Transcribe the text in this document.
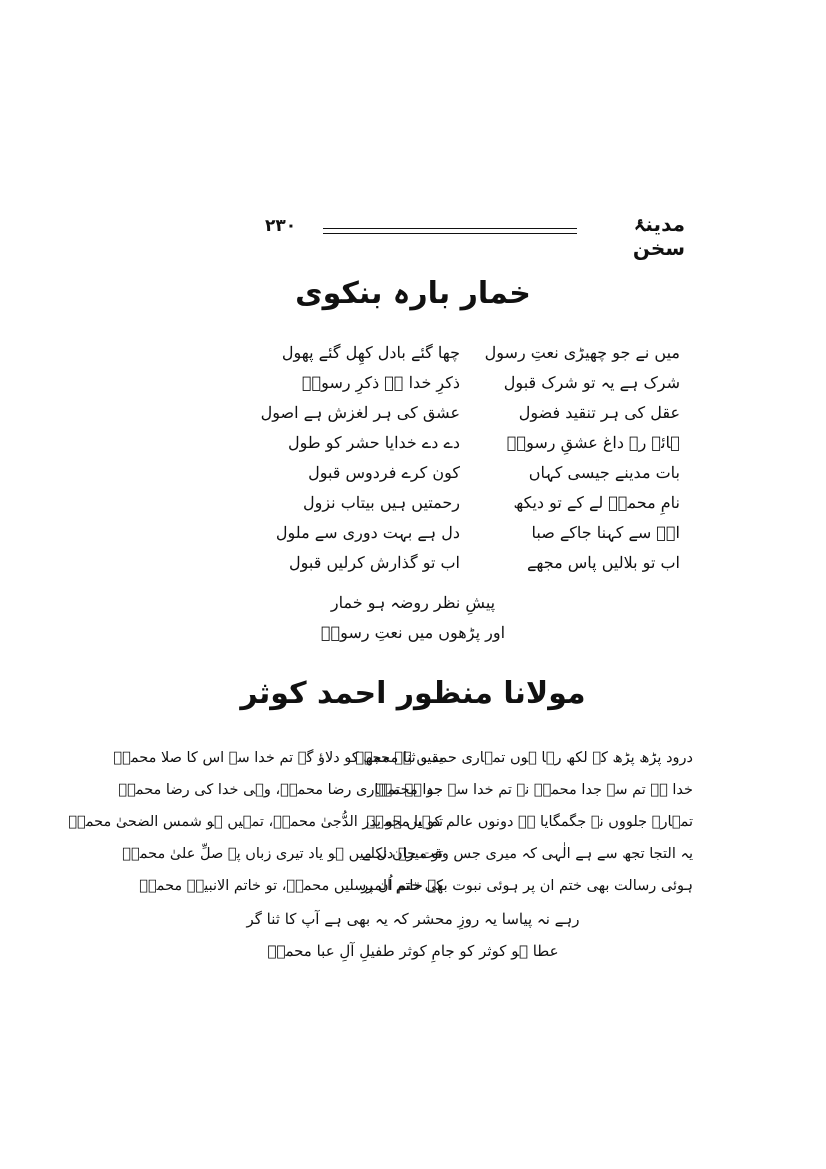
۲۳۰	مدینۂ سخن
خمار بارہ بنکوی
میں نے جو چھیڑی نعتِ رسول
چھا گئے بادل کھِل گئے پھول
شرک ہے یہ تو شرک قبول
ذکرِ خدا ہے ذکرِ رسولؐ
عقل کی ہر تنقید فضول
عشق کی ہر لغزش ہے اصول
ہائے رے داغ عشقِ رسولؐ
دے دے خدایا حشر کو طول
بات مدینے جیسی کہاں
کون کرے فردوس قبول
نامِ محمدؐ لے کے تو دیکھ
رحمتیں ہیں بیتاب نزول
انؐ سے کہنا جاکے صبا
دل ہے بہت دوری سے ملول
اب تو بلالیں پاس مجھے
اب تو گذارش کرلیں قبول
پیشِ نظر روضہ ہو خمار
اور پڑھوں میں نعتِ رسولؐ
مولانا منظور احمد کوثر
درود پڑھ پڑھ کے لکھ رہا ہوں تمہاری حمد و ثنا محمدؐ
یقیں ہے مجھ کو دلاؤ گے تم خدا سے اس کا صلا محمدؐ
خدا ہے تم سے جدا محمدؐ نہ تم خدا سے جدا محمدؐ
جو ہے تمہاری رضا محمدؐ، وہی خدا کی رضا محمدؐ
تمہارے جلووں نے جگمگایا ہے دونوں عالم کو یا محمدؐ
تمہیں ہو بدر الدُّجیٰ محمدؐ، تمہیں ہو شمس الضحیٰ محمدؐ
یہ التجا تجھ سے ہے الٰہی کہ میری جس وقت جان نکلے
تو میرے دل میں ہو یاد تیری زباں پہ صلِّ علیٰ محمدؐ
ہوئی رسالت بھی ختم ان پر ہوئی نبوت بھی ختم اُن پر
کہ خاتم المرسلیں محمدؐ، تو خاتم الانبیاؐ محمدؐ
رہے نہ پیاسا یہ روزِ محشر کہ یہ بھی ہے آپ کا ثنا گر
عطا ہو کوثر کو جامِ کوثر طفیلِ آلِ عبا محمدؐ
